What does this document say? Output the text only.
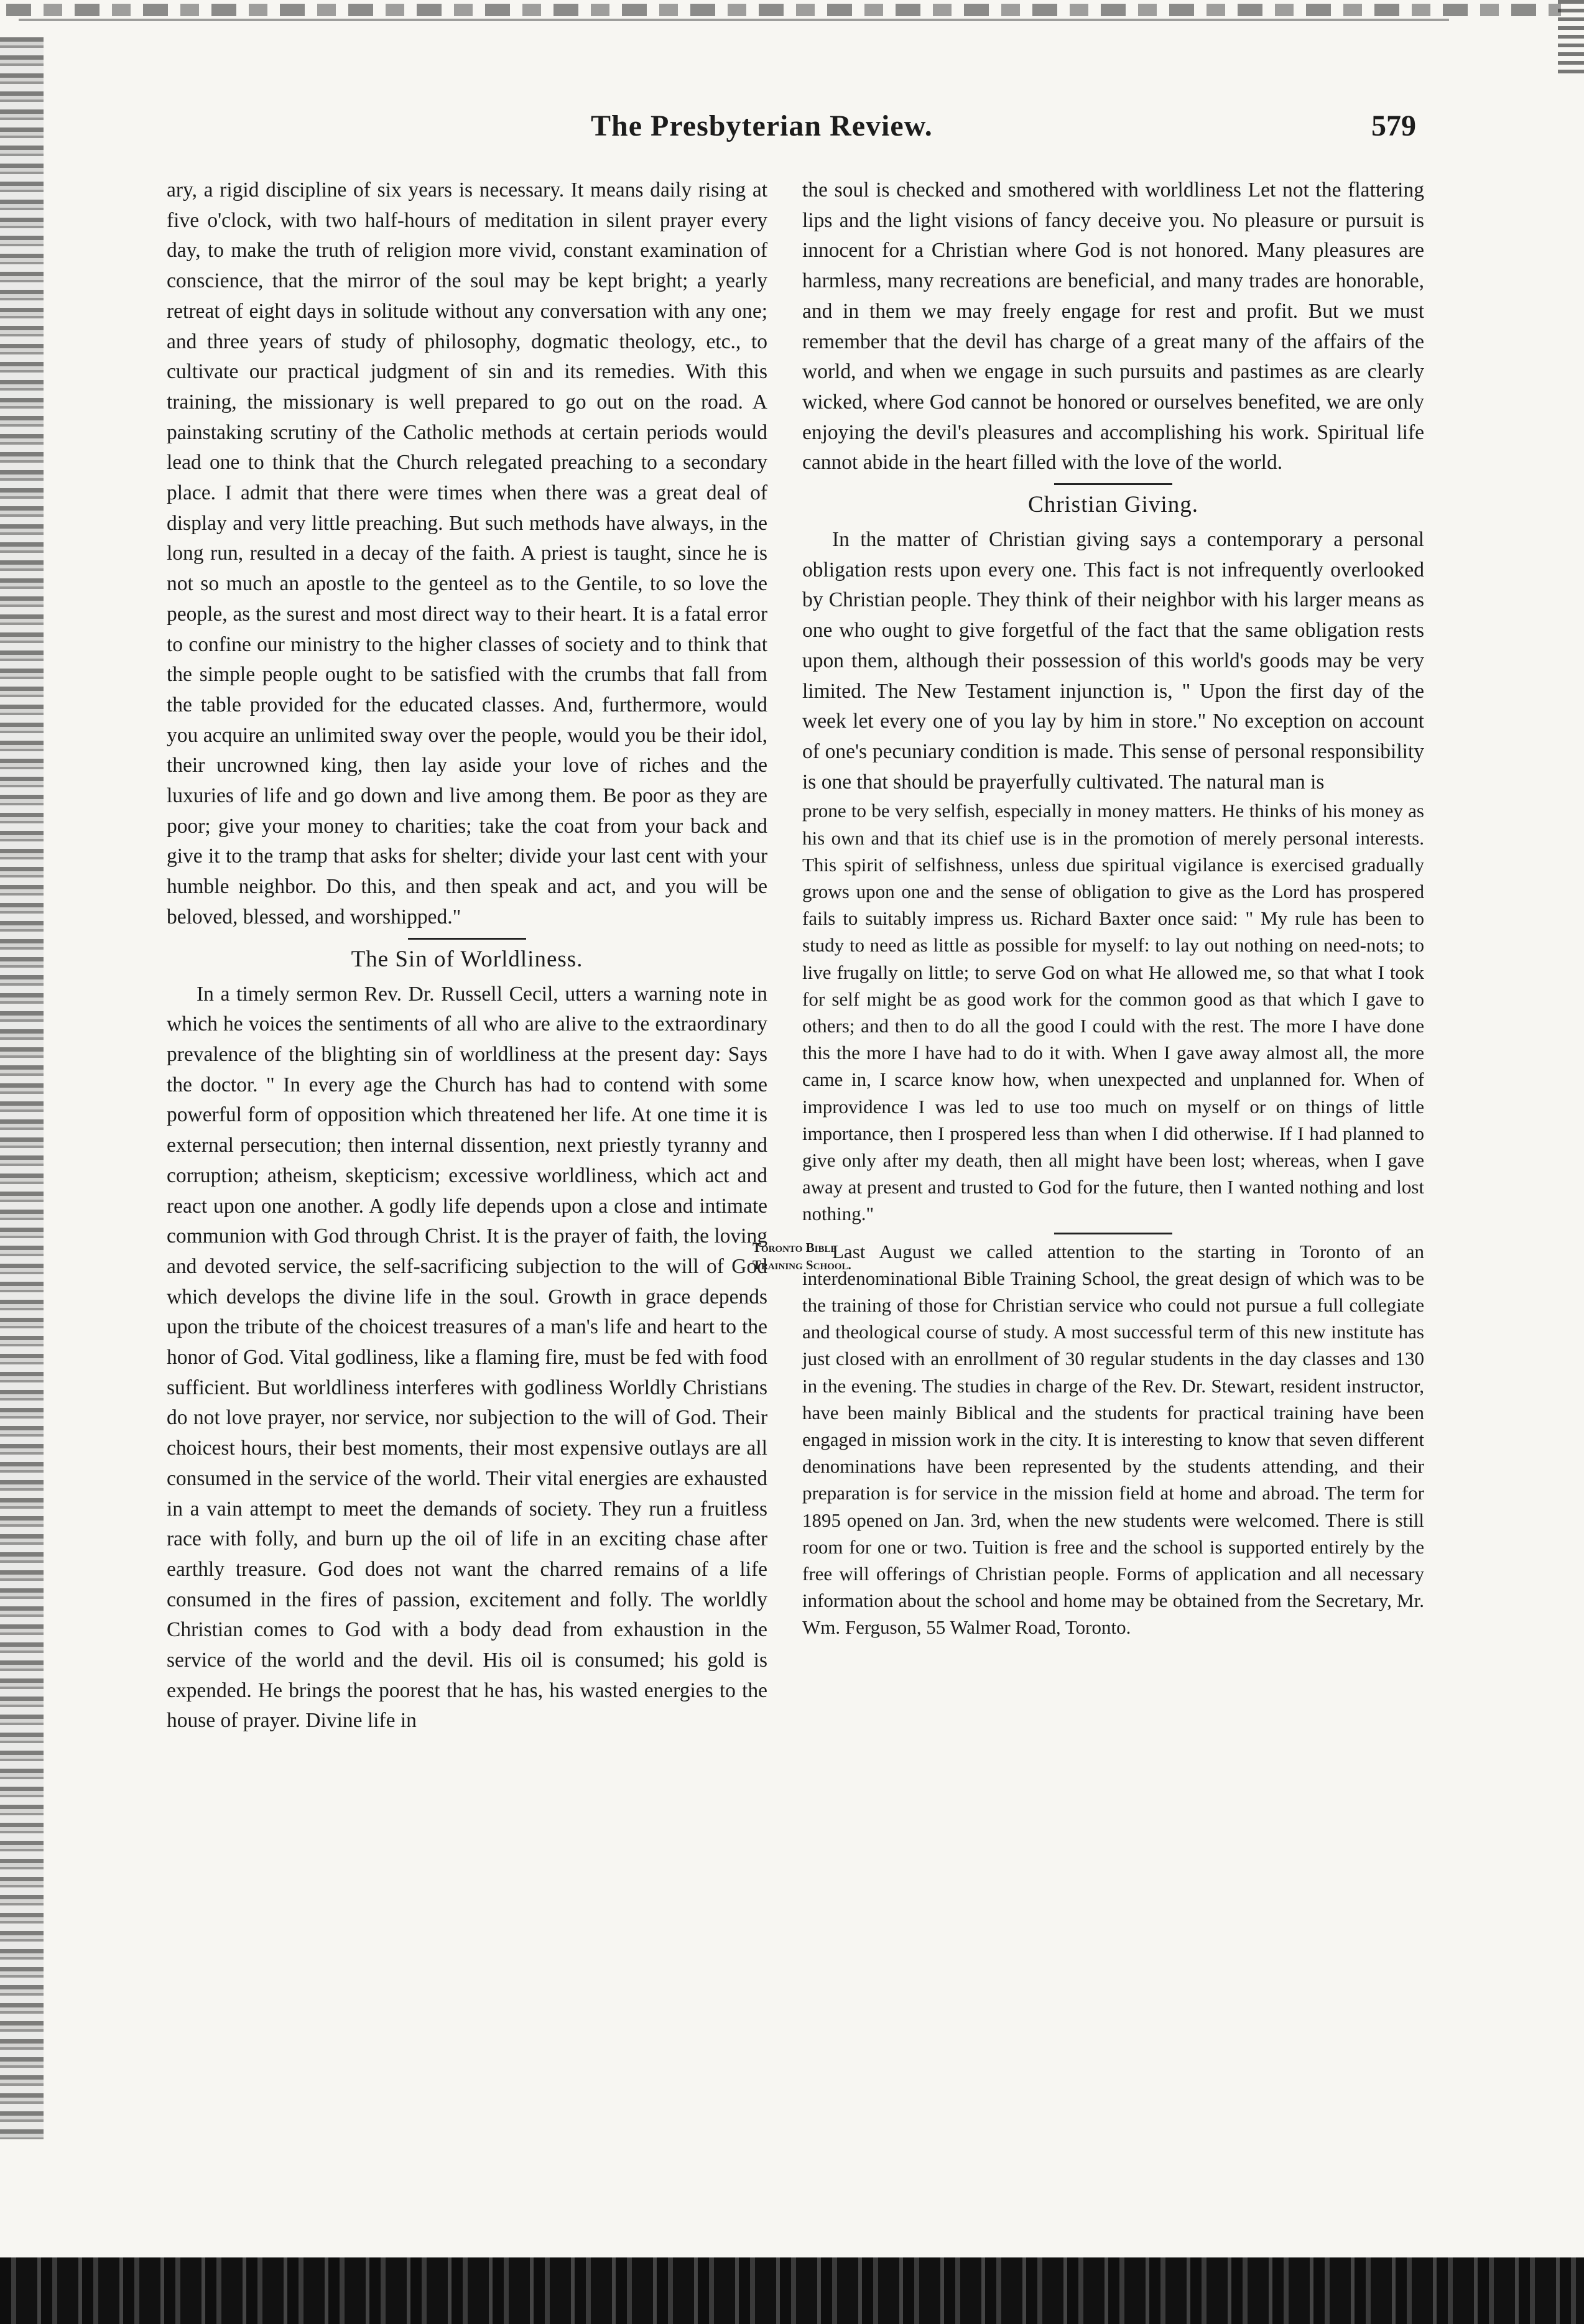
The Presbyterian Review.	579

ary, a rigid discipline of six years is necessary. It means daily rising at five o'clock, with two half-hours of meditation in silent prayer every day, to make the truth of religion more vivid, constant examination of conscience, that the mirror of the soul may be kept bright; a yearly retreat of eight days in solitude without any conversation with any one; and three years of study of philosophy, dogmatic theology, etc., to cultivate our practical judgment of sin and its remedies. With this training, the missionary is well prepared to go out on the road. A painstaking scrutiny of the Catholic methods at certain periods would lead one to think that the Church relegated preaching to a secondary place. I admit that there were times when there was a great deal of display and very little preaching. But such methods have always, in the long run, resulted in a decay of the faith. A priest is taught, since he is not so much an apostle to the genteel as to the Gentile, to so love the people, as the surest and most direct way to their heart. It is a fatal error to confine our ministry to the higher classes of society and to think that the simple people ought to be satisfied with the crumbs that fall from the table provided for the educated classes. And, furthermore, would you acquire an unlimited sway over the people, would you be their idol, their uncrowned king, then lay aside your love of riches and the luxuries of life and go down and live among them. Be poor as they are poor; give your money to charities; take the coat from your back and give it to the tramp that asks for shelter; divide your last cent with your humble neighbor. Do this, and then speak and act, and you will be beloved, blessed, and worshipped."

The Sin of Worldliness.

In a timely sermon Rev. Dr. Russell Cecil, utters a warning note in which he voices the sentiments of all who are alive to the extraordinary prevalence of the blighting sin of worldliness at the present day: Says the doctor. " In every age the Church has had to contend with some powerful form of opposition which threatened her life. At one time it is external persecution; then internal dissention, next priestly tyranny and corruption; atheism, skepticism; excessive worldliness, which act and react upon one another. A godly life depends upon a close and intimate communion with God through Christ. It is the prayer of faith, the loving and devoted service, the self-sacrificing subjection to the will of God which develops the divine life in the soul. Growth in grace depends upon the tribute of the choicest treasures of a man's life and heart to the honor of God. Vital godliness, like a flaming fire, must be fed with food sufficient. But worldliness interferes with godliness Worldly Christians do not love prayer, nor service, nor subjection to the will of God. Their choicest hours, their best moments, their most expensive outlays are all consumed in the service of the world. Their vital energies are exhausted in a vain attempt to meet the demands of society. They run a fruitless race with folly, and burn up the oil of life in an exciting chase after earthly treasure. God does not want the charred remains of a life consumed in the fires of passion, excitement and folly. The worldly Christian comes to God with a body dead from exhaustion in the service of the world and the devil. His oil is consumed; his gold is expended. He brings the poorest that he has, his wasted energies to the house of prayer. Divine life in

the soul is checked and smothered with worldliness Let not the flattering lips and the light visions of fancy deceive you. No pleasure or pursuit is innocent for a Christian where God is not honored. Many pleasures are harmless, many recreations are beneficial, and many trades are honorable, and in them we may freely engage for rest and profit. But we must remember that the devil has charge of a great many of the affairs of the world, and when we engage in such pursuits and pastimes as are clearly wicked, where God cannot be honored or ourselves benefited, we are only enjoying the devil's pleasures and accomplishing his work. Spiritual life cannot abide in the heart filled with the love of the world.

Christian Giving.

In the matter of Christian giving says a contemporary a personal obligation rests upon every one. This fact is not infrequently overlooked by Christian people. They think of their neighbor with his larger means as one who ought to give forgetful of the fact that the same obligation rests upon them, although their possession of this world's goods may be very limited. The New Testament injunction is, " Upon the first day of the week let every one of you lay by him in store." No exception on account of one's pecuniary condition is made. This sense of personal responsibility is one that should be prayerfully cultivated. The natural man is

prone to be very selfish, especially in money matters. He thinks of his money as his own and that its chief use is in the promotion of merely personal interests. This spirit of selfishness, unless due spiritual vigilance is exercised gradually grows upon one and the sense of obligation to give as the Lord has prospered fails to suitably impress us. Richard Baxter once said: " My rule has been to study to need as little as possible for myself: to lay out nothing on need-nots; to live frugally on little; to serve God on what He allowed me, so that what I took for self might be as good work for the common good as that which I gave to others; and then to do all the good I could with the rest. The more I have done this the more I have had to do it with. When I gave away almost all, the more came in, I scarce know how, when unexpected and unplanned for. When of improvidence I was led to use too much on myself or on things of little importance, then I prospered less than when I did otherwise. If I had planned to give only after my death, then all might have been lost; whereas, when I gave away at present and trusted to God for the future, then I wanted nothing and lost nothing."

Toronto Bible
Training School.

Last August we called attention to the starting in Toronto of an interdenominational Bible Training School, the great design of which was to be the training of those for Christian service who could not pursue a full collegiate and theological course of study. A most successful term of this new institute has just closed with an enrollment of 30 regular students in the day classes and 130 in the evening. The studies in charge of the Rev. Dr. Stewart, resident instructor, have been mainly Biblical and the students for practical training have been engaged in mission work in the city. It is interesting to know that seven different denominations have been represented by the students attending, and their preparation is for service in the mission field at home and abroad. The term for 1895 opened on Jan. 3rd, when the new students were welcomed. There is still room for one or two. Tuition is free and the school is supported entirely by the free will offerings of Christian people. Forms of application and all necessary information about the school and home may be obtained from the Secretary, Mr. Wm. Ferguson, 55 Walmer Road, Toronto.
